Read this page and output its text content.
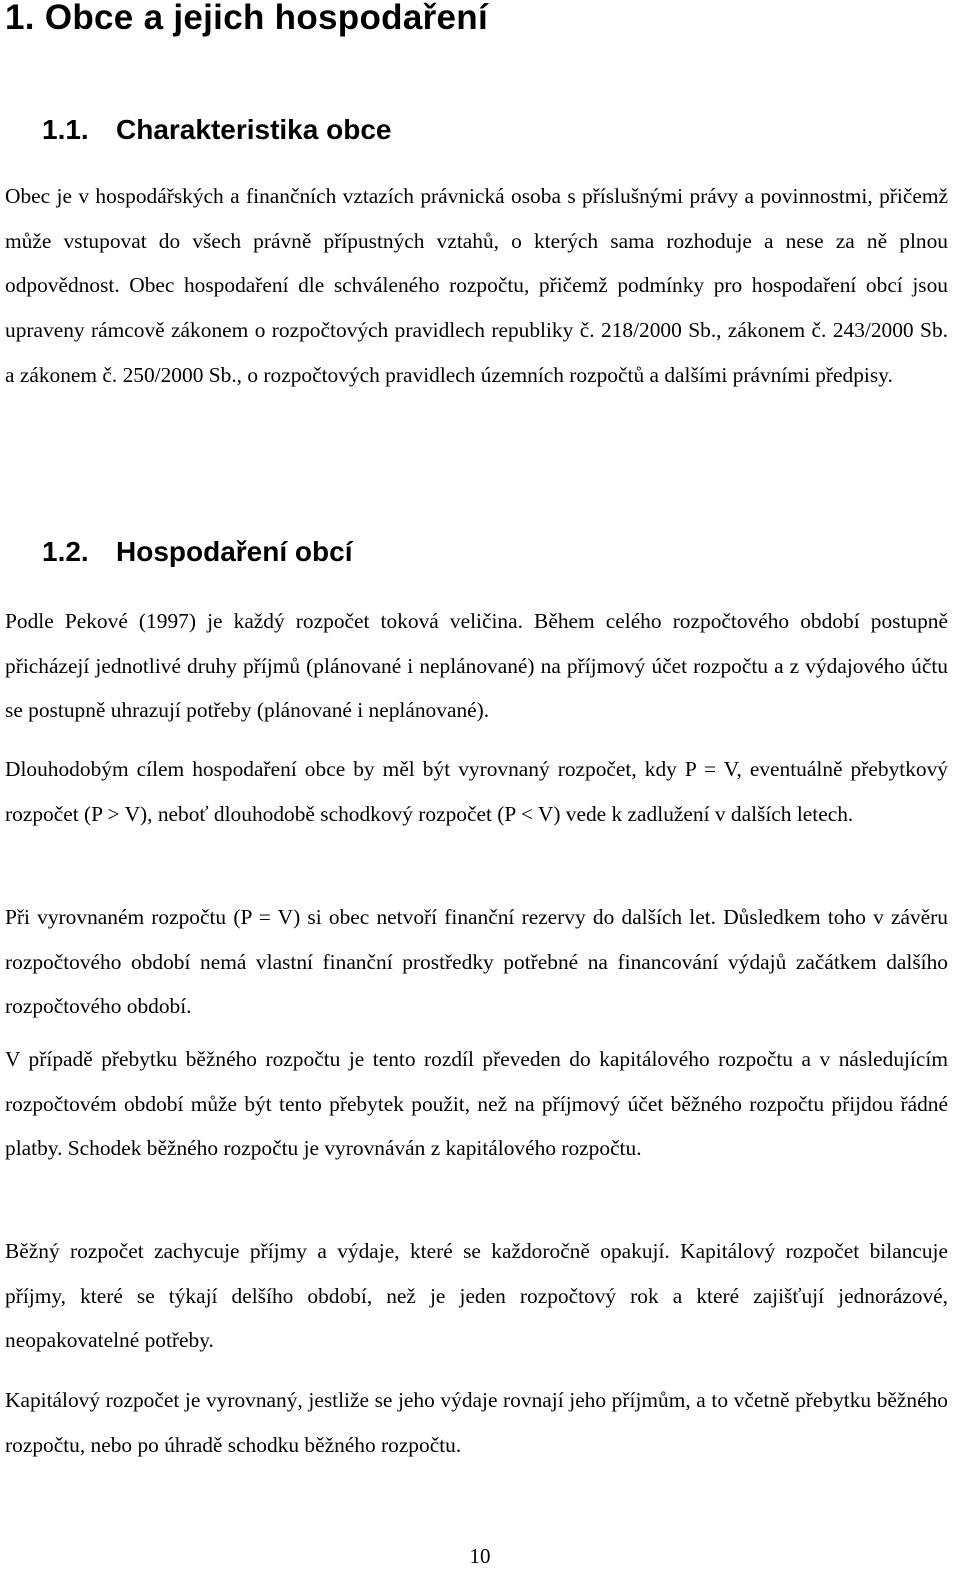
1. Obce a jejich hospodaření
1.1. Charakteristika obce

Obec je v hospodářských a finančních vztazích právnická osoba s příslušnými právy a povinnostmi, přičemž může vstupovat do všech právně přípustných vztahů, o kterých sama rozhoduje a nese za ně plnou odpovědnost. Obec hospodaření dle schváleného rozpočtu, přičemž podmínky pro hospodaření obcí jsou upraveny rámcově zákonem o rozpočtových pravidlech republiky č. 218/2000 Sb., zákonem č. 243/2000 Sb. a zákonem č. 250/2000 Sb., o rozpočtových pravidlech územních rozpočtů a dalšími právními předpisy.

1.2. Hospodaření obcí

Podle Pekové (1997) je každý rozpočet toková veličina. Během celého rozpočtového období postupně přicházejí jednotlivé druhy příjmů (plánované i neplánované) na příjmový účet rozpočtu a z výdajového účtu se postupně uhrazují potřeby (plánované i neplánované).

Dlouhodobým cílem hospodaření obce by měl být vyrovnaný rozpočet, kdy P = V, eventuálně přebytkový rozpočet (P > V), neboť dlouhodobě schodkový rozpočet (P < V) vede k zadlužení v dalších letech.

Při vyrovnaném rozpočtu (P = V) si obec netvoří finanční rezervy do dalších let. Důsledkem toho v závěru rozpočtového období nemá vlastní finanční prostředky potřebné na financování výdajů začátkem dalšího rozpočtového období.

V případě přebytku běžného rozpočtu je tento rozdíl převeden do kapitálového rozpočtu a v následujícím rozpočtovém období může být tento přebytek použit, než na příjmový účet běžného rozpočtu přijdou řádné platby. Schodek běžného rozpočtu je vyrovnáván z kapitálového rozpočtu.

Běžný rozpočet zachycuje příjmy a výdaje, které se každoročně opakují. Kapitálový rozpočet bilancuje příjmy, které se týkají delšího období, než je jeden rozpočtový rok a které zajišťují jednorázové, neopakovatelné potřeby.

Kapitálový rozpočet je vyrovnaný, jestliže se jeho výdaje rovnají jeho příjmům, a to včetně přebytku běžného rozpočtu, nebo po úhradě schodku běžného rozpočtu.

10
